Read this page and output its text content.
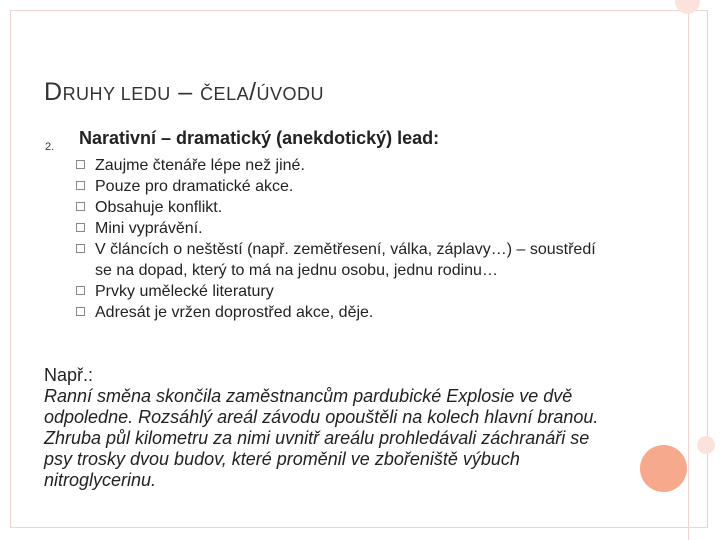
DRUHY LEDU – ČELA/ÚVODU
2. Narativní – dramatický (anekdotický) lead:
Zaujme čtenáře lépe než jiné.
Pouze pro dramatické akce.
Obsahuje konflikt.
Mini vyprávění.
V článcích o neštěstí (např. zemětřesení, válka, záplavy…) – soustředí se na dopad, který to má na jednu osobu, jednu rodinu…
Prvky umělecké literatury
Adresát je vržen doprostřed akce, děje.
Např.:
Ranní směna skončila zaměstnancům pardubické Explosie ve dvě odpoledne. Rozsáhlý areál závodu opouštěli na kolech hlavní branou. Zhruba půl kilometru za nimi uvnitř areálu prohledávali záchranáři se psy trosky dvou budov, které proměnil ve zbořeniště výbuch nitroglycerinu.
